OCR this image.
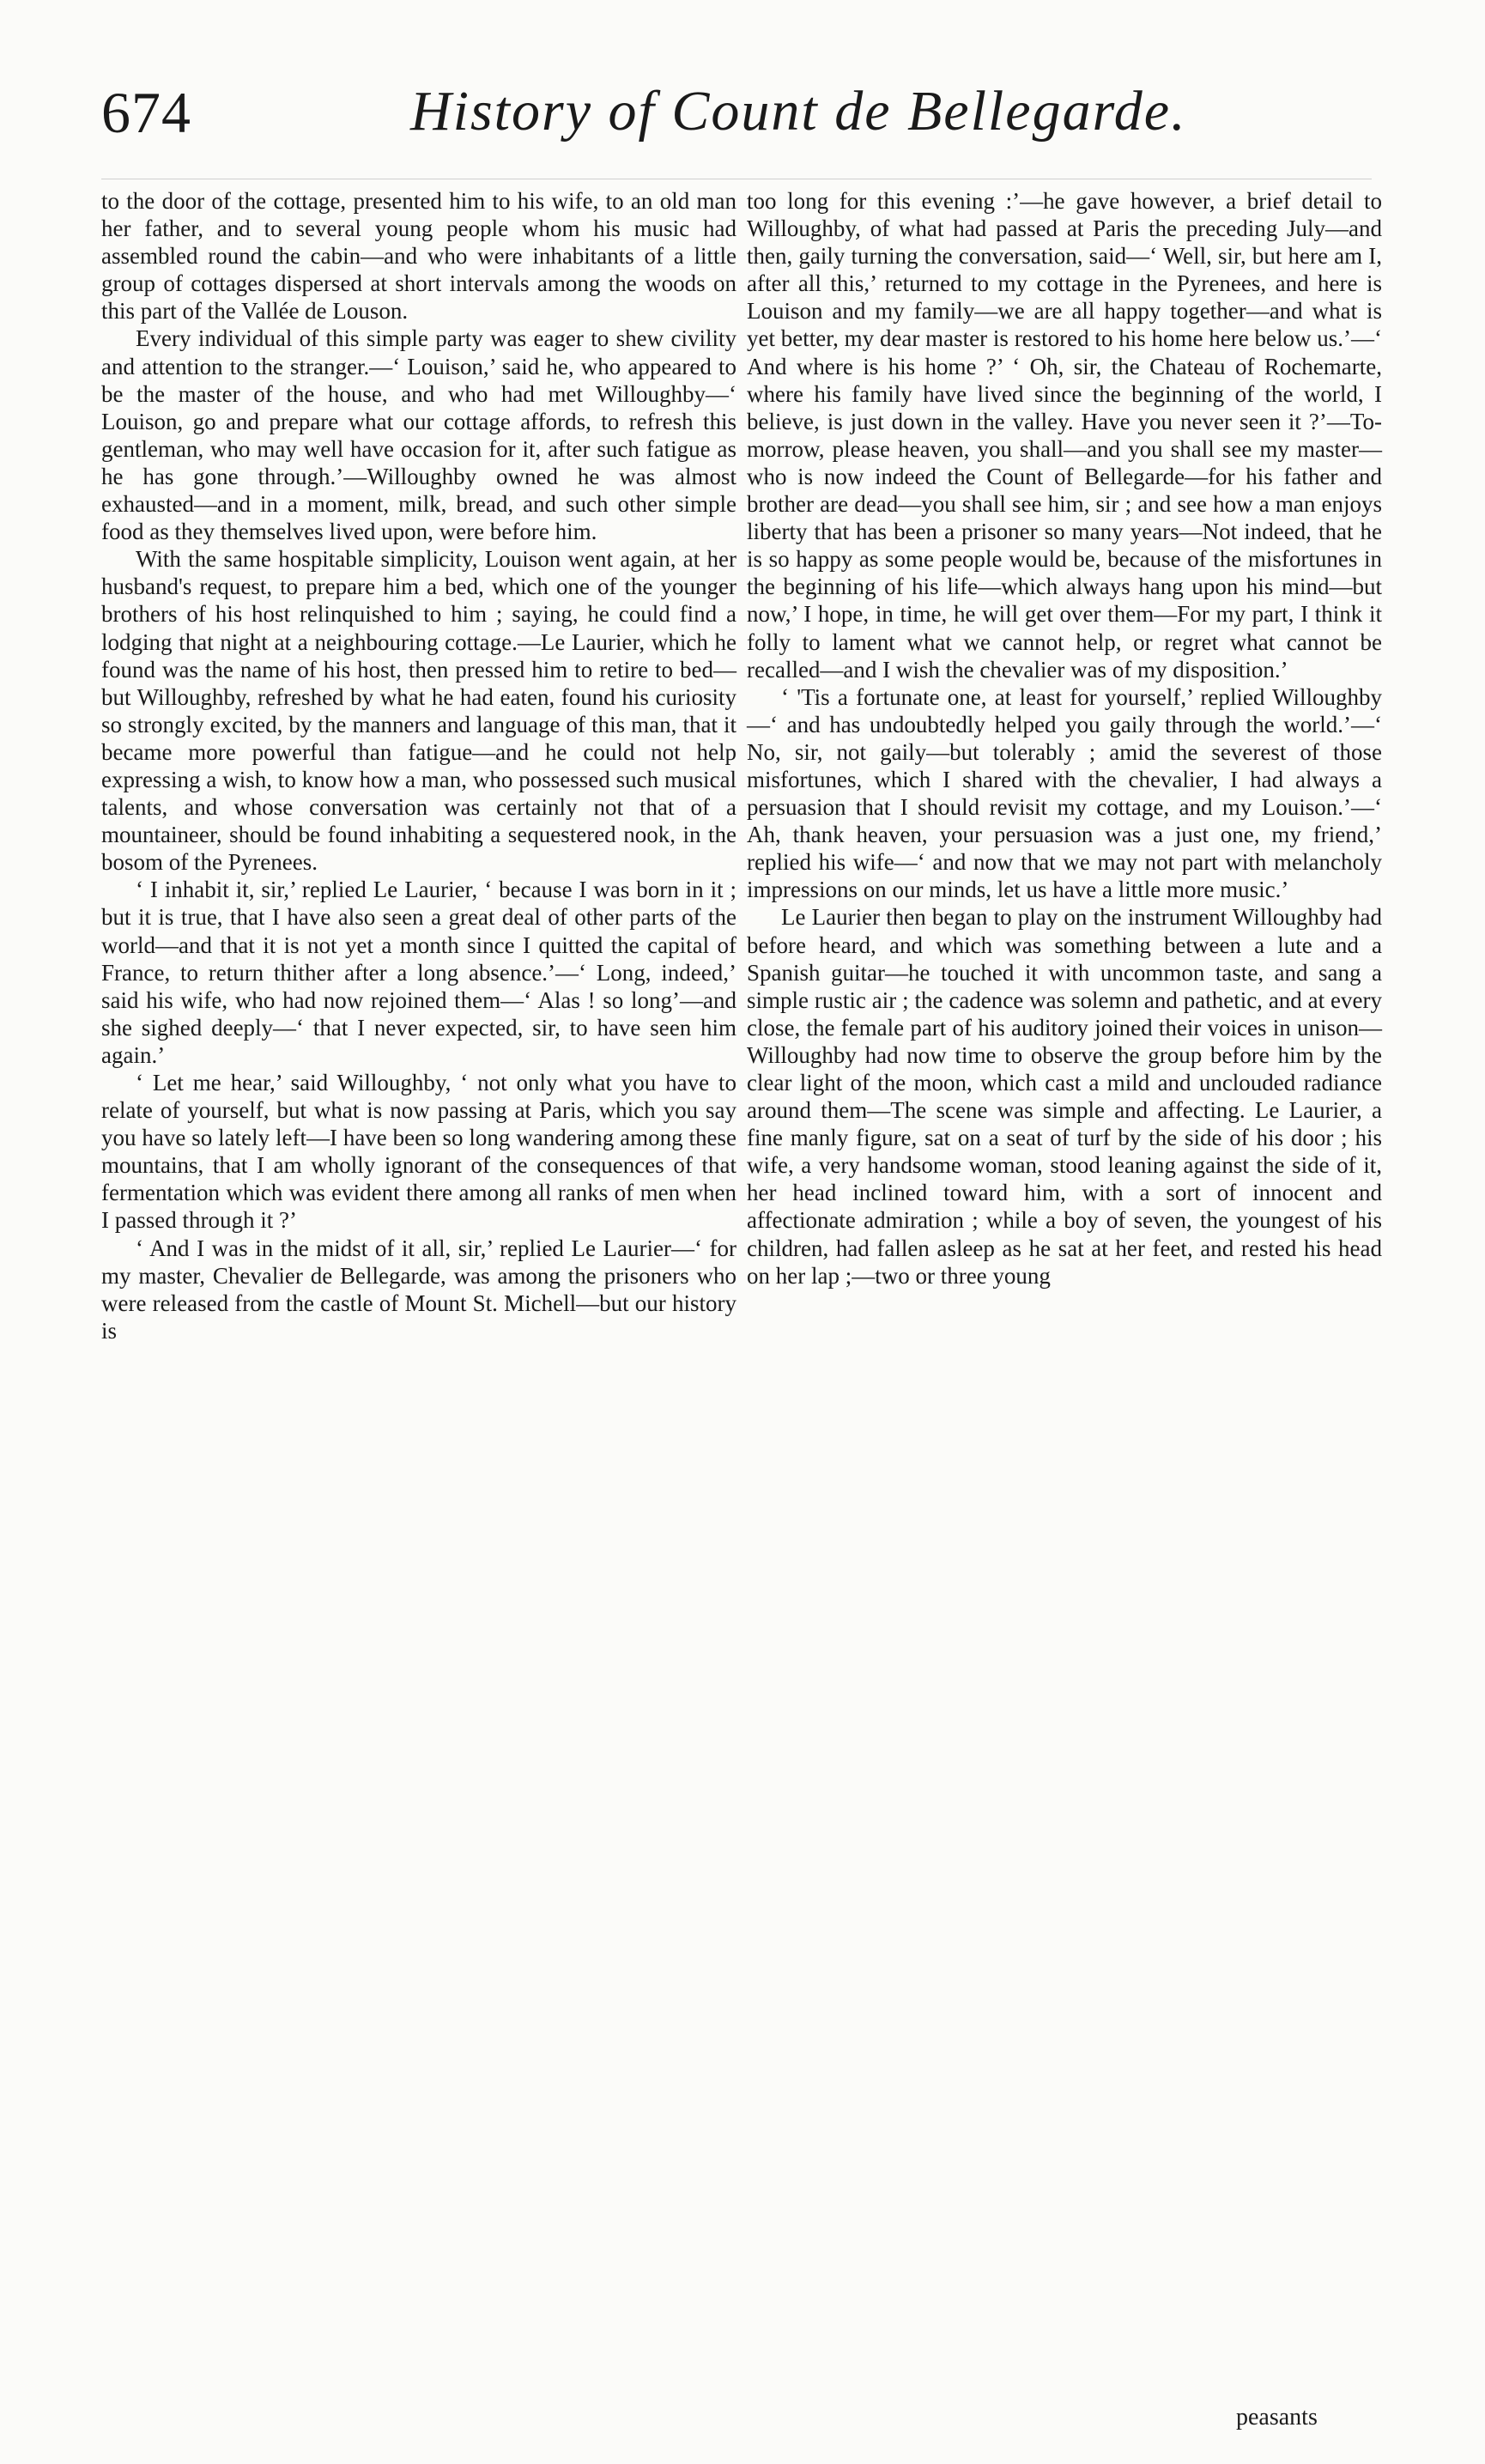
674	History of Count de Bellegarde.

to the door of the cottage, presented him to his wife, to an old man her father, and to several young people whom his music had assembled round the cabin—and who were inhabitants of a little group of cottages dispersed at short intervals among the woods on this part of the Vallée de Louson.

Every individual of this simple party was eager to shew civility and attention to the stranger.—‘ Louison,’ said he, who appeared to be the master of the house, and who had met Willoughby—‘ Louison, go and prepare what our cottage affords, to refresh this gentleman, who may well have occasion for it, after such fatigue as he has gone through.’—Willoughby owned he was almost exhausted—and in a moment, milk, bread, and such other simple food as they themselves lived upon, were before him.

With the same hospitable simplicity, Louison went again, at her husband's request, to prepare him a bed, which one of the younger brothers of his host relinquished to him ; saying, he could find a lodging that night at a neighbouring cottage.—Le Laurier, which he found was the name of his host, then pressed him to retire to bed—but Willoughby, refreshed by what he had eaten, found his curiosity so strongly excited, by the manners and language of this man, that it became more powerful than fatigue—and he could not help expressing a wish, to know how a man, who possessed such musical talents, and whose conversation was certainly not that of a mountaineer, should be found inhabiting a sequestered nook, in the bosom of the Pyrenees.

‘ I inhabit it, sir,’ replied Le Laurier, ‘ because I was born in it ; but it is true, that I have also seen a great deal of other parts of the world—and that it is not yet a month since I quitted the capital of France, to return thither after a long absence.’—‘ Long, indeed,’ said his wife, who had now rejoined them—‘ Alas ! so long’—and she sighed deeply—‘ that I never expected, sir, to have seen him again.’

‘ Let me hear,’ said Willoughby, ‘ not only what you have to relate of yourself, but what is now passing at Paris, which you say you have so lately left—I have been so long wandering among these mountains, that I am wholly ignorant of the consequences of that fermentation which was evident there among all ranks of men when I passed through it ?’

‘ And I was in the midst of it all, sir,’ replied Le Laurier—‘ for my master, Chevalier de Bellegarde, was among the prisoners who were released from the castle of Mount St. Michell—but our history is

too long for this evening :’—he gave however, a brief detail to Willoughby, of what had passed at Paris the preceding July—and then, gaily turning the conversation, said—‘ Well, sir, but here am I, after all this,’ returned to my cottage in the Pyrenees, and here is Louison and my family—we are all happy together—and what is yet better, my dear master is restored to his home here below us.’—‘ And where is his home ?’ ‘ Oh, sir, the Chateau of Rochemarte, where his family have lived since the beginning of the world, I believe, is just down in the valley. Have you never seen it ?’—To-morrow, please heaven, you shall—and you shall see my master—who is now indeed the Count of Bellegarde—for his father and brother are dead—you shall see him, sir ; and see how a man enjoys liberty that has been a prisoner so many years—Not indeed, that he is so happy as some people would be, because of the misfortunes in the beginning of his life—which always hang upon his mind—but now,’ I hope, in time, he will get over them—For my part, I think it folly to lament what we cannot help, or regret what cannot be recalled—and I wish the chevalier was of my disposition.’

‘ 'Tis a fortunate one, at least for yourself,’ replied Willoughby—‘ and has undoubtedly helped you gaily through the world.’—‘ No, sir, not gaily—but tolerably ; amid the severest of those misfortunes, which I shared with the chevalier, I had always a persuasion that I should revisit my cottage, and my Louison.’—‘ Ah, thank heaven, your persuasion was a just one, my friend,’ replied his wife—‘ and now that we may not part with melancholy impressions on our minds, let us have a little more music.’

Le Laurier then began to play on the instrument Willoughby had before heard, and which was something between a lute and a Spanish guitar—he touched it with uncommon taste, and sang a simple rustic air ; the cadence was solemn and pathetic, and at every close, the female part of his auditory joined their voices in unison—Willoughby had now time to observe the group before him by the clear light of the moon, which cast a mild and unclouded radiance around them—The scene was simple and affecting. Le Laurier, a fine manly figure, sat on a seat of turf by the side of his door ; his wife, a very handsome woman, stood leaning against the side of it, her head inclined toward him, with a sort of innocent and affectionate admiration ; while a boy of seven, the youngest of his children, had fallen asleep as he sat at her feet, and rested his head on her lap ;—two or three young

peasants
